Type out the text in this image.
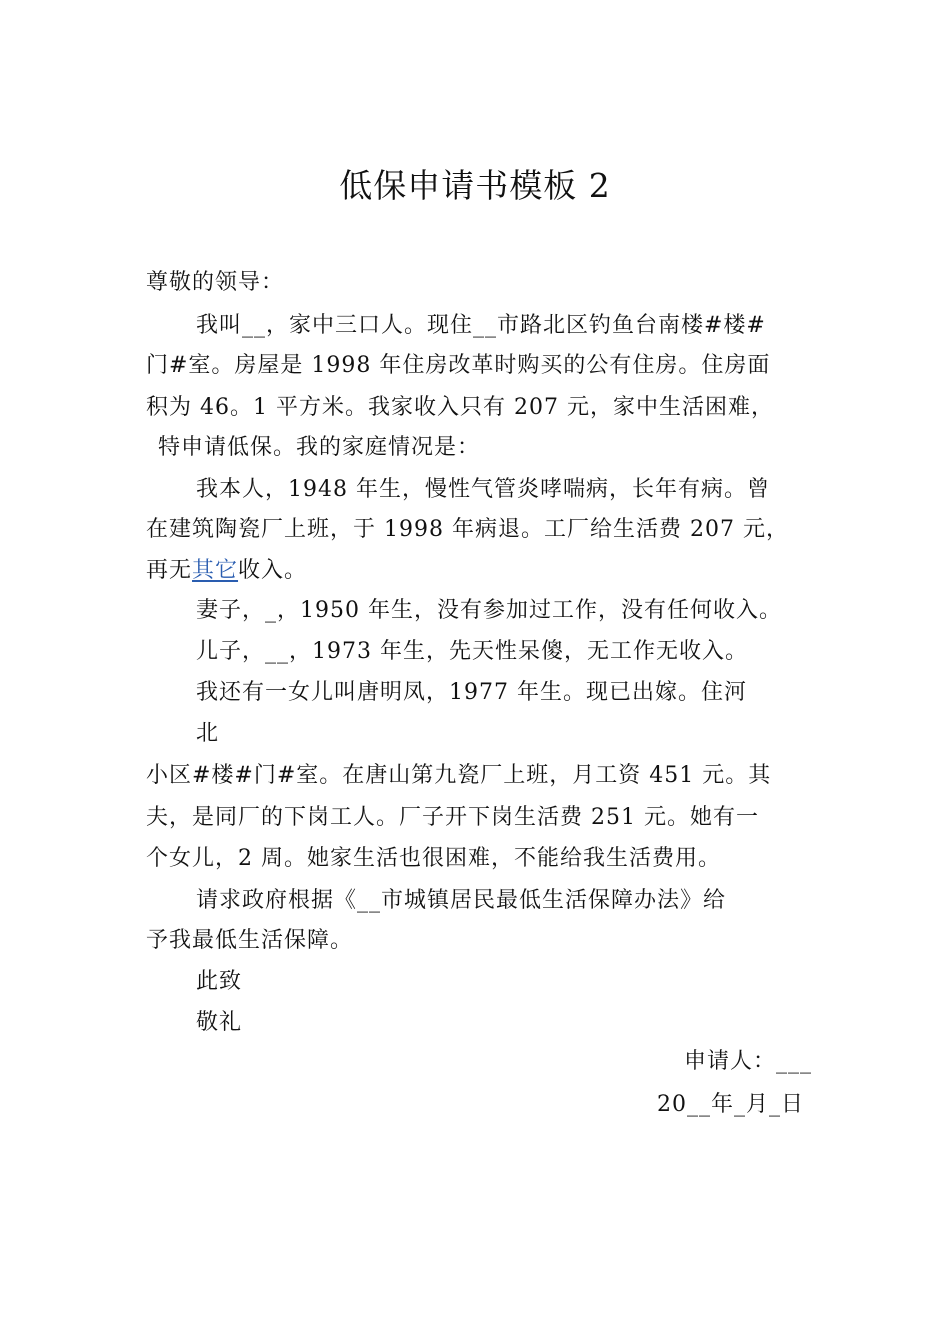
低保申请书模板 2
尊敬的领导：
我叫__，家中三口人。现住__市路北区钓鱼台南楼#楼#
门#室。房屋是 1998 年住房改革时购买的公有住房。住房面
积为 46。1 平方米。我家收入只有 207 元，家中生活困难，
特申请低保。我的家庭情况是：
我本人，1948 年生，慢性气管炎哮喘病，长年有病。曾
在建筑陶瓷厂上班，于 1998 年病退。工厂给生活费 207 元，
再无其它收入。
妻子，_，1950 年生，没有参加过工作，没有任何收入。
儿子，__，1973 年生，先天性呆傻，无工作无收入。
我还有一女儿叫唐明凤，1977 年生。现已出嫁。住河
北
小区#楼#门#室。在唐山第九瓷厂上班，月工资 451 元。其
夫，是同厂的下岗工人。厂子开下岗生活费 251 元。她有一
个女儿，2 周。她家生活也很困难，不能给我生活费用。
请求政府根据《__市城镇居民最低生活保障办法》给
予我最低生活保障。
此致
敬礼
申请人：___
20__年_月_日
